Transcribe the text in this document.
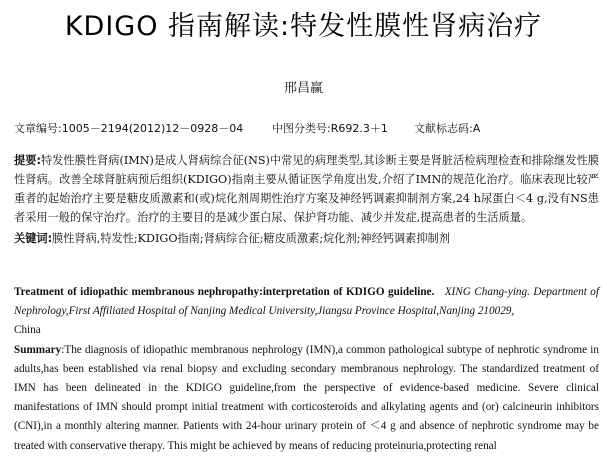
KDIGO 指南解读:特发性膜性肾病治疗
邢昌赢
文章编号:1005－2194(2012)12－0928－04	中图分类号:R692.3＋1 文献标志码:A

提要:特发性膜性肾病(IMN)是成人肾病综合征(NS)中常见的病理类型,其诊断主要是肾脏活检病理检查和排除继发性膜性肾病。改善全球肾脏病预后组织(KDIGO)指南主要从循证医学角度出发,介绍了IMN的规范化治疗。临床表现比较严重者的起始治疗主要是糖皮质激素和(或)烷化剂周期性治疗方案及神经钙调素抑制剂方案,24 h尿蛋白＜4 g,没有NS患者采用一般的保守治疗。治疗的主要目的是减少蛋白尿、保护肾功能、减少并发症,提高患者的生活质量。

关键词:膜性肾病,特发性;KDIGO指南;肾病综合征;糖皮质激素;烷化剂;神经钙调素抑制剂

Treatment of idiopathic membranous nephropathy:interpretation of KDIGO guideline. XING Chang-ying. Department of Nephrology,First Affiliated Hospital of Nanjing Medical University,Jiangsu Province Hospital,Nanjing 210029,
China

Summary:The diagnosis of idiopathic membranous nephrology (IMN),a common pathological subtype of nephrotic syndrome in adults,has been established via renal biopsy and excluding secondary membranous nephrology. The standardized treatment of IMN has been delineated in the KDIGO guideline,from the perspective of evidence-based medicine. Severe clinical manifestations of IMN should prompt initial treatment with corticosteroids and alkylating agents and (or) calcineurin inhibitors (CNI),in a monthly altering manner. Patients with 24-hour urinary protein of ＜4 g and absence of nephrotic syndrome may be treated with conservative therapy. This might be achieved by means of reducing proteinuria,protecting renal
